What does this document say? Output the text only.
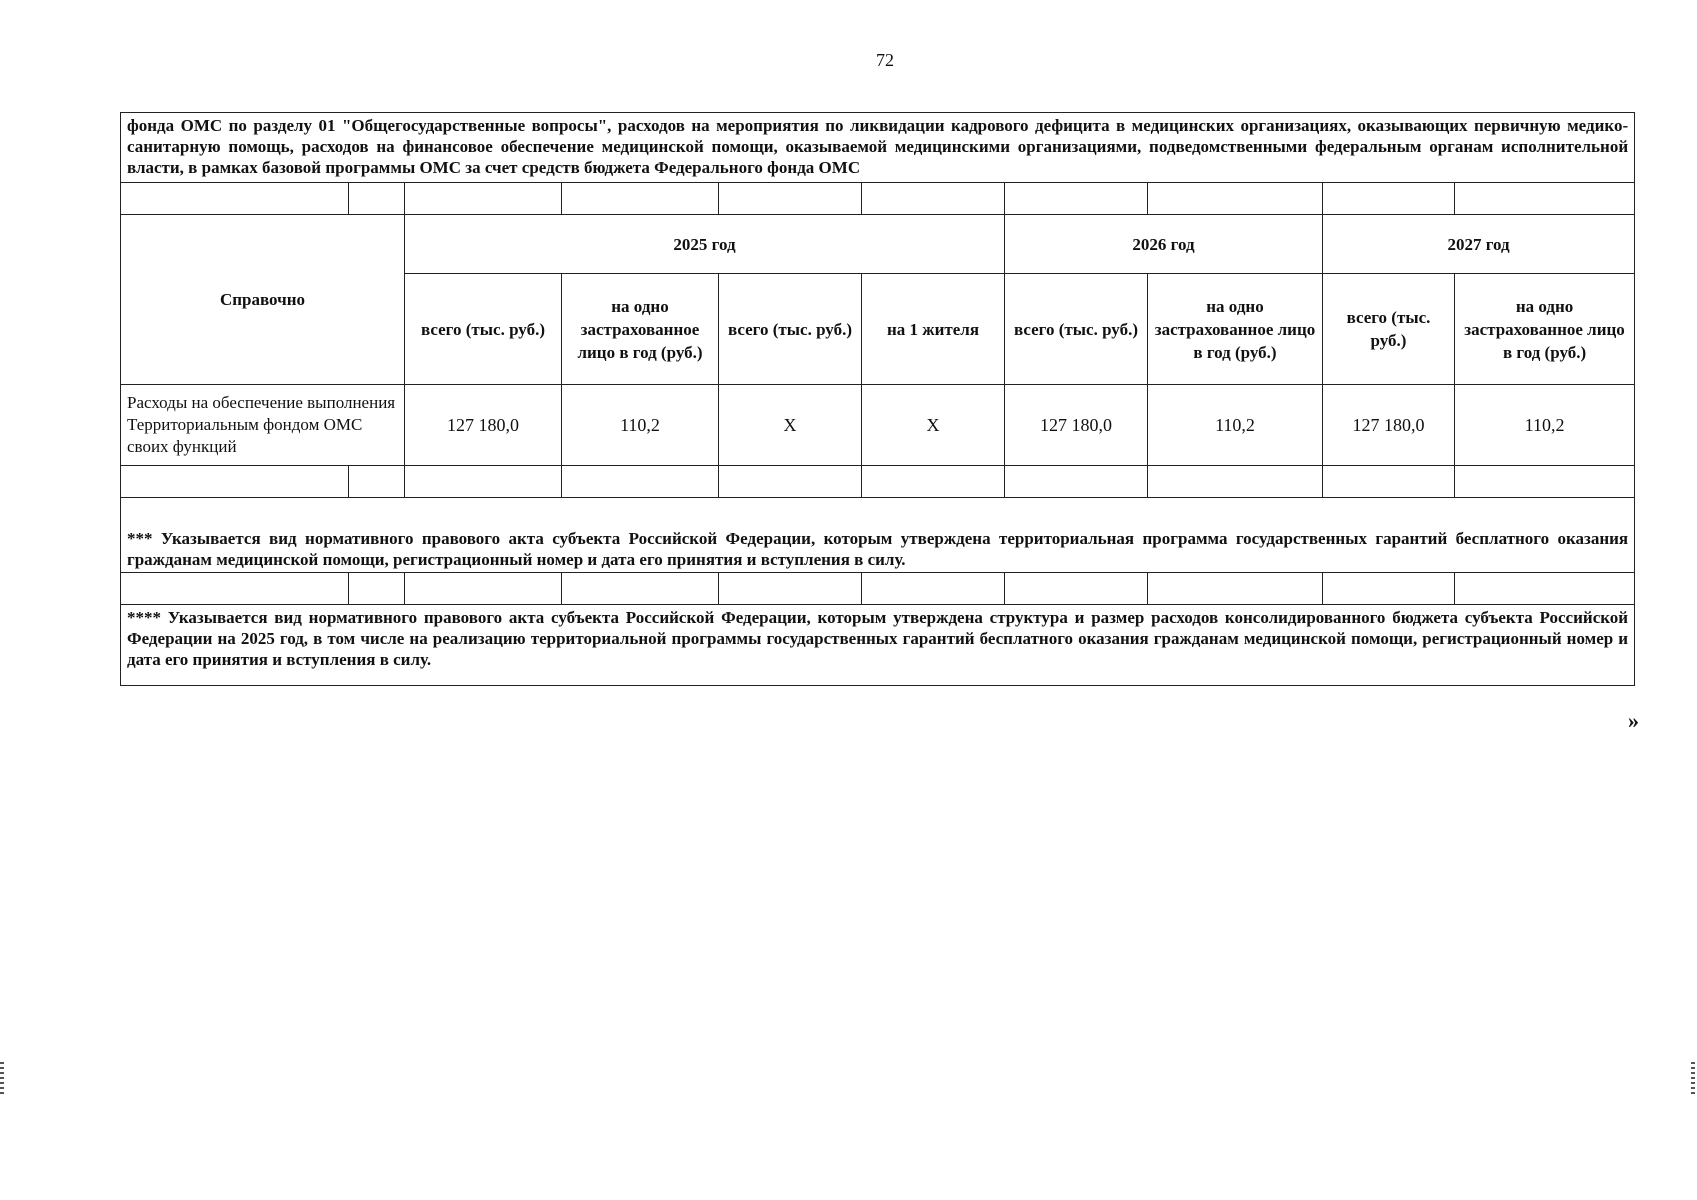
72
фонда ОМС по разделу 01 "Общегосударственные вопросы", расходов на мероприятия по ликвидации кадрового дефицита в медицинских организациях, оказывающих первичную медико-санитарную помощь, расходов на финансовое обеспечение медицинской помощи, оказываемой медицинскими организациями, подведомственными федеральным органам исполнительной власти, в рамках базовой программы ОМС за счет средств бюджета Федерального фонда ОМС									

Справочно		2025 год				2026 год		2027 год	
		всего (тыс. руб.)	на одно застрахованное лицо в год (руб.)	всего (тыс. руб.)	на 1 жителя	всего (тыс. руб.)	на одно застрахованное лицо в год (руб.)	всего (тыс. руб.)	на одно застрахованное лицо в год (руб.)
Расходы на обеспечение выполнения Территориальным фондом ОМС своих функций		127 180,0	110,2	Х	Х	127 180,0	110,2	127 180,0	110,2

*** Указывается вид нормативного правового акта субъекта Российской Федерации, которым утверждена территориальная программа государственных гарантий бесплатного оказания гражданам медицинской помощи, регистрационный номер и дата его принятия и вступления в силу.									

**** Указывается вид нормативного правового акта субъекта Российской Федерации, которым утверждена структура и размер расходов консолидированного бюджета субъекта Российской Федерации на 2025 год, в том числе на реализацию территориальной программы государственных гарантий бесплатного оказания гражданам медицинской помощи, регистрационный номер и дата его принятия и вступления в силу.									
»
